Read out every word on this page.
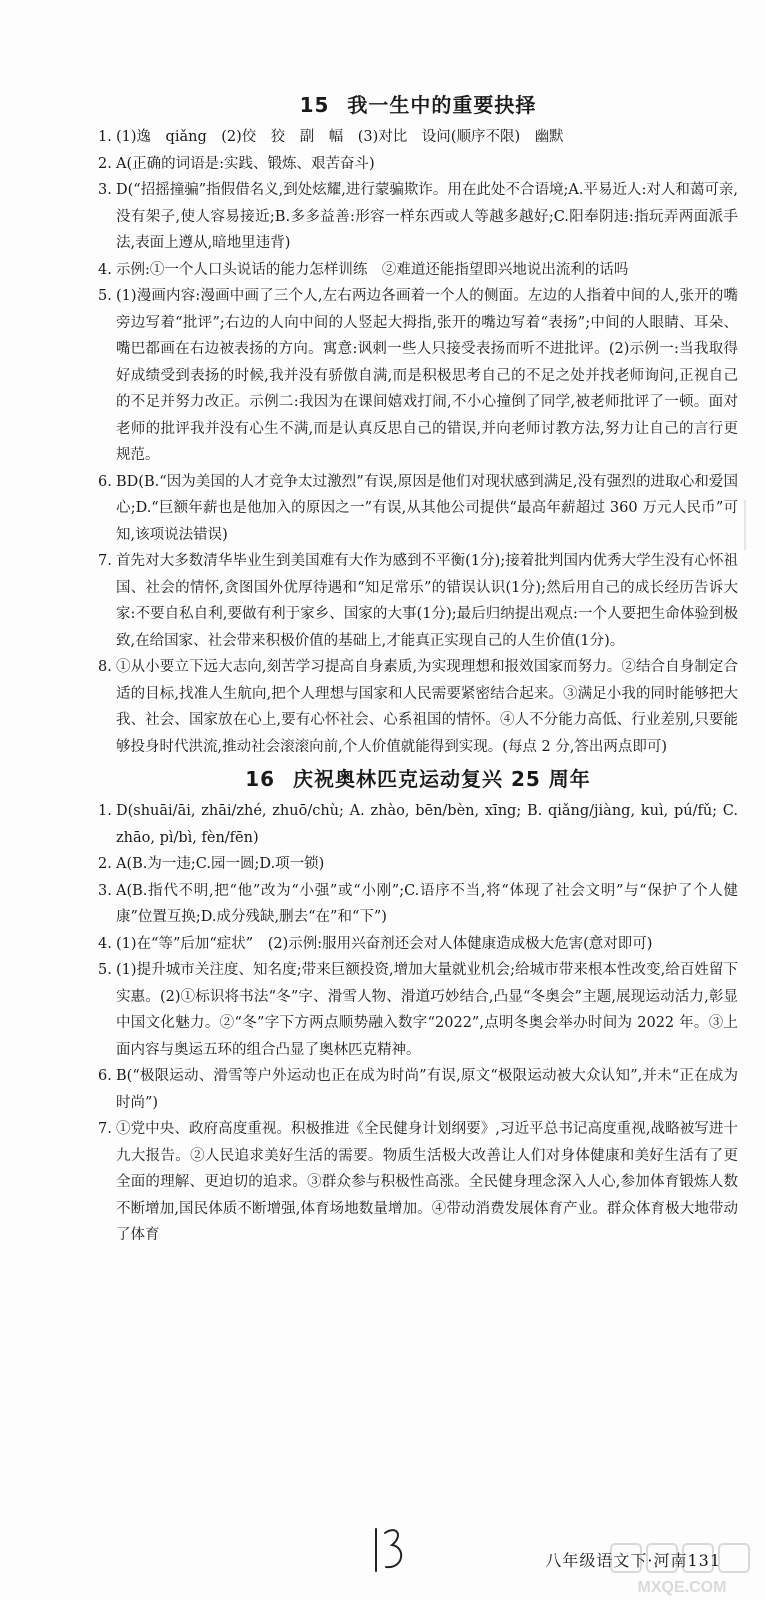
15 我一生中的重要抉择
1. (1)逸　qiǎng　(2)佼　狡　副　幅　(3)对比　设问(顺序不限)　幽默
2. A(正确的词语是:实践、锻炼、艰苦奋斗)
3. D(“招摇撞骗”指假借名义,到处炫耀,进行蒙骗欺诈。用在此处不合语境;A.平易近人:对人和蔼可亲,没有架子,使人容易接近;B.多多益善:形容一样东西或人等越多越好;C.阳奉阴违:指玩弄两面派手法,表面上遵从,暗地里违背)
4. 示例:①一个人口头说话的能力怎样训练　②难道还能指望即兴地说出流利的话吗
5. (1)漫画内容:漫画中画了三个人,左右两边各画着一个人的侧面。左边的人指着中间的人,张开的嘴旁边写着“批评”;右边的人向中间的人竖起大拇指,张开的嘴边写着“表扬”;中间的人眼睛、耳朵、嘴巴都画在右边被表扬的方向。寓意:讽刺一些人只接受表扬而听不进批评。(2)示例一:当我取得好成绩受到表扬的时候,我并没有骄傲自满,而是积极思考自己的不足之处并找老师询问,正视自己的不足并努力改正。示例二:我因为在课间嬉戏打闹,不小心撞倒了同学,被老师批评了一顿。面对老师的批评我并没有心生不满,而是认真反思自己的错误,并向老师讨教方法,努力让自己的言行更规范。
6. BD(B.“因为美国的人才竞争太过激烈”有误,原因是他们对现状感到满足,没有强烈的进取心和爱国心;D.“巨额年薪也是他加入的原因之一”有误,从其他公司提供“最高年薪超过 360 万元人民币”可知,该项说法错误)
7. 首先对大多数清华毕业生到美国难有大作为感到不平衡(1分);接着批判国内优秀大学生没有心怀祖国、社会的情怀,贪图国外优厚待遇和“知足常乐”的错误认识(1分);然后用自己的成长经历告诉大家:不要自私自利,要做有利于家乡、国家的大事(1分);最后归纳提出观点:一个人要把生命体验到极致,在给国家、社会带来积极价值的基础上,才能真正实现自己的人生价值(1分)。
8. ①从小要立下远大志向,刻苦学习提高自身素质,为实现理想和报效国家而努力。②结合自身制定合适的目标,找准人生航向,把个人理想与国家和人民需要紧密结合起来。③满足小我的同时能够把大我、社会、国家放在心上,要有心怀社会、心系祖国的情怀。④人不分能力高低、行业差别,只要能够投身时代洪流,推动社会滚滚向前,个人价值就能得到实现。(每点 2 分,答出两点即可)
16 庆祝奥林匹克运动复兴 25 周年
1. D(shuāi/āi, zhāi/zhé, zhuō/chù; A. zhào, bēn/bèn, xīng; B. qiǎng/jiàng, kuì, pú/fǔ; C. zhāo, pì/bì, fèn/fēn)
2. A(B.为一违;C.园一圆;D.项一锁)
3. A(B.指代不明,把“他”改为“小强”或“小刚”;C.语序不当,将“体现了社会文明”与“保护了个人健康”位置互换;D.成分残缺,删去“在”和“下”)
4. (1)在“等”后加“症状”　(2)示例:服用兴奋剂还会对人体健康造成极大危害(意对即可)
5. (1)提升城市关注度、知名度;带来巨额投资,增加大量就业机会;给城市带来根本性改变,给百姓留下实惠。(2)①标识将书法“冬”字、滑雪人物、滑道巧妙结合,凸显“冬奥会”主题,展现运动活力,彰显中国文化魅力。②“冬”字下方两点顺势融入数字“2022”,点明冬奥会举办时间为 2022 年。③上面内容与奥运五环的组合凸显了奥林匹克精神。
6. B(“极限运动、滑雪等户外运动也正在成为时尚”有误,原文“极限运动被大众认知”,并未“正在成为时尚”)
7. ①党中央、政府高度重视。积极推进《全民健身计划纲要》,习近平总书记高度重视,战略被写进十九大报告。②人民追求美好生活的需要。物质生活极大改善让人们对身体健康和美好生活有了更全面的理解、更迫切的追求。③群众参与积极性高涨。全民健身理念深入人心,参加体育锻炼人数不断增加,国民体质不断增强,体育场地数量增加。④带动消费发展体育产业。群众体育极大地带动了体育
八年级语文下·河南131
MXQE.COM
